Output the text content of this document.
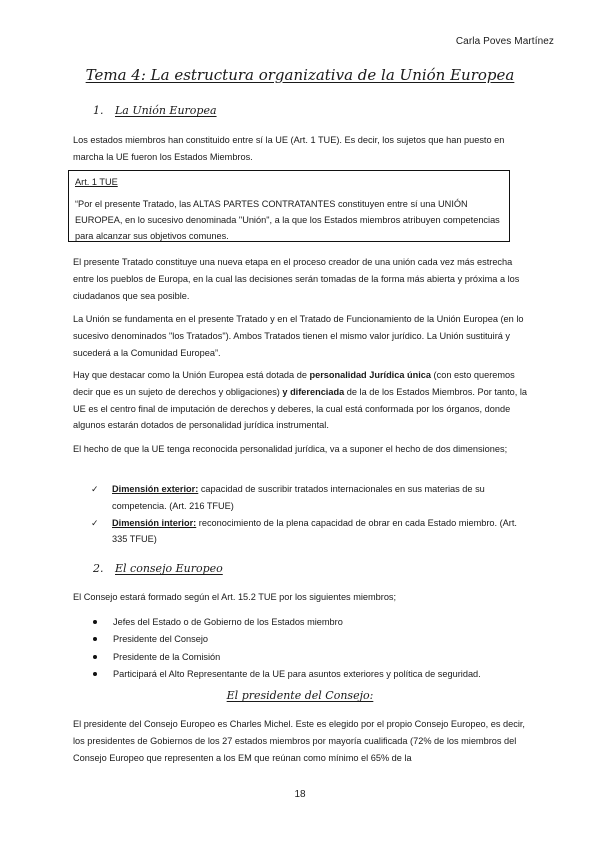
Carla Poves Martínez
Tema 4: La estructura organizativa de la Unión Europea
1. La Unión Europea

Los estados miembros han constituido entre sí la UE (Art. 1 TUE). Es decir, los sujetos que han puesto en marcha la UE fueron los Estados Miembros.

Art. 1 TUE
“Por el presente Tratado, las ALTAS PARTES CONTRATANTES constituyen entre sí una UNIÓN EUROPEA, en lo sucesivo denominada "Unión", a la que los Estados miembros atribuyen competencias para alcanzar sus objetivos comunes.

El presente Tratado constituye una nueva etapa en el proceso creador de una unión cada vez más estrecha entre los pueblos de Europa, en la cual las decisiones serán tomadas de la forma más abierta y próxima a los ciudadanos que sea posible.

La Unión se fundamenta en el presente Tratado y en el Tratado de Funcionamiento de la Unión Europea (en lo sucesivo denominados "los Tratados"). Ambos Tratados tienen el mismo valor jurídico. La Unión sustituirá y sucederá a la Comunidad Europea”.

Hay que destacar como la Unión Europea está dotada de personalidad Jurídica única (con esto queremos decir que es un sujeto de derechos y obligaciones) y diferenciada de la de los Estados Miembros. Por tanto, la UE es el centro final de imputación de derechos y deberes, la cual está conformada por los órganos, donde algunos estarán dotados de personalidad jurídica instrumental.

El hecho de que la UE tenga reconocida personalidad jurídica, va a suponer el hecho de dos dimensiones;

✓ Dimensión exterior: capacidad de suscribir tratados internacionales en sus materias de su competencia. (Art. 216 TFUE)
✓ Dimensión interior: reconocimiento de la plena capacidad de obrar en cada Estado miembro. (Art. 335 TFUE)
2. El consejo Europeo

El Consejo estará formado según el Art. 15.2 TUE por los siguientes miembros;

Jefes del Estado o de Gobierno de los Estados miembro
Presidente del Consejo
Presidente de la Comisión
Participará el Alto Representante de la UE para asuntos exteriores y política de seguridad.
El presidente del Consejo:

El presidente del Consejo Europeo es Charles Michel. Este es elegido por el propio Consejo Europeo, es decir, los presidentes de Gobiernos de los 27 estados miembros por mayoría cualificada (72% de los miembros del Consejo Europeo que representen a los EM que reúnan como mínimo el 65% de la

18
